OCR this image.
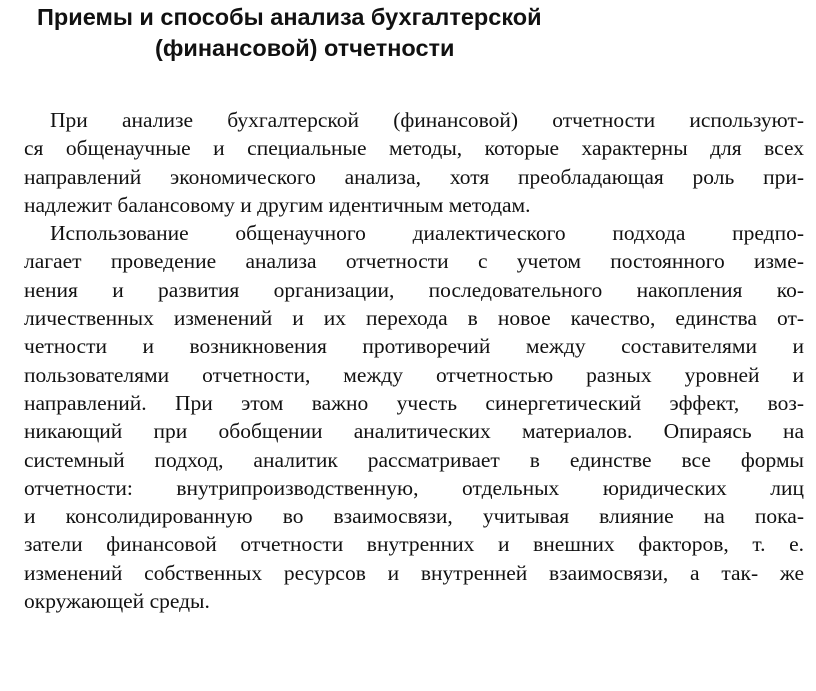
Приемы и способы анализа бухгалтерской
(финансовой) отчетности

При анализе бухгалтерской (финансовой) отчетности используют-
ся общенаучные и специальные методы, которые характерны для всех
направлений экономического анализа, хотя преобладающая роль при-
надлежит балансовому и другим идентичным методам.

Использование общенаучного диалектического подхода предпо-
лагает проведение анализа отчетности с учетом постоянного изме-
нения и развития организации, последовательного накопления ко-
личественных изменений и их перехода в новое качество, единства от-
четности и возникновения противоречий между составителями и
пользователями отчетности, между отчетностью разных уровней и
направлений. При этом важно учесть синергетический эффект, воз-
никающий при обобщении аналитических материалов. Опираясь на
системный подход, аналитик рассматривает в единстве все формы
отчетности: внутрипроизводственную, отдельных юридических лиц
и консолидированную во взаимосвязи, учитывая влияние на пока-
затели финансовой отчетности внутренних и внешних факторов, т. е.
изменений собственных ресурсов и внутренней взаимосвязи, а так- же
окружающей среды.
